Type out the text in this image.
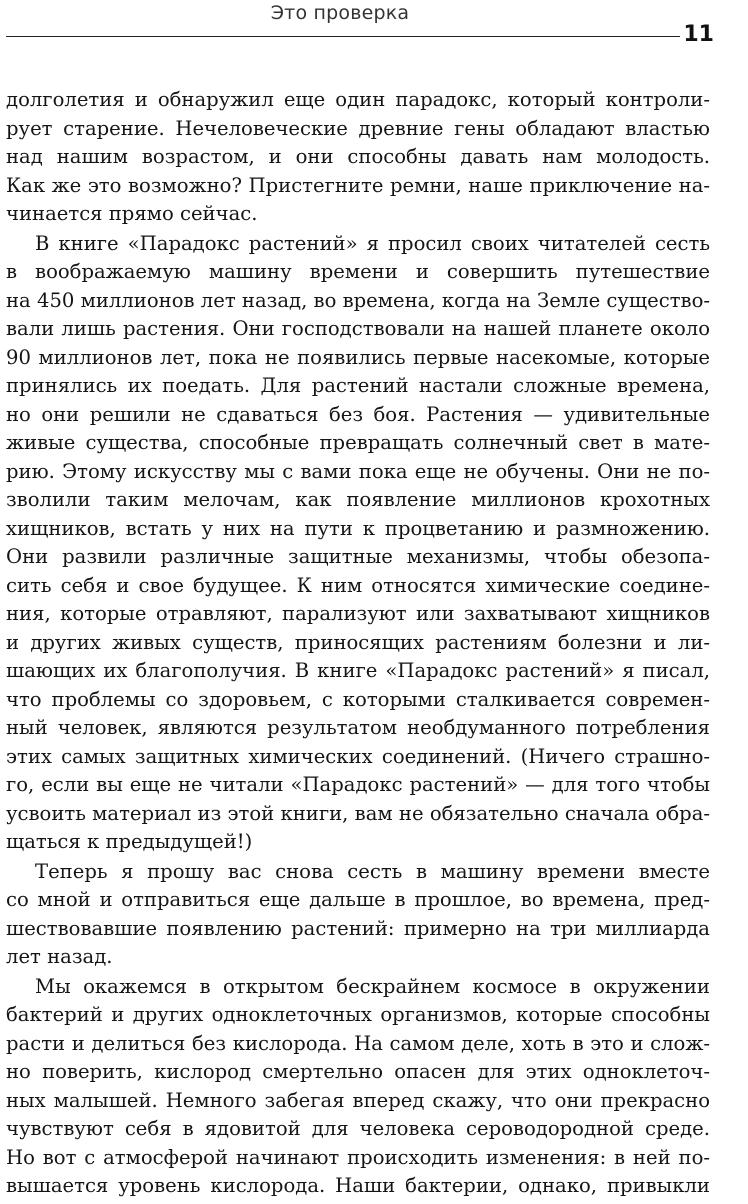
Это проверка
11
долголетия и обнаружил еще один парадокс, который контроли-
рует старение. Нечеловеческие древние гены обладают властью
над нашим возрастом, и они способны давать нам молодость.
Как же это возможно? Пристегните ремни, наше приключение на-
чинается прямо сейчас.
В книге «Парадокс растений» я просил своих читателей сесть
в воображаемую машину времени и совершить путешествие
на 450 миллионов лет назад, во времена, когда на Земле существо-
вали лишь растения. Они господствовали на нашей планете около
90 миллионов лет, пока не появились первые насекомые, которые
принялись их поедать. Для растений настали сложные времена,
но они решили не сдаваться без боя. Растения — удивительные
живые существа, способные превращать солнечный свет в мате-
рию. Этому искусству мы с вами пока еще не обучены. Они не по-
зволили таким мелочам, как появление миллионов крохотных
хищников, встать у них на пути к процветанию и размножению.
Они развили различные защитные механизмы, чтобы обезопа-
сить себя и свое будущее. К ним относятся химические соедине-
ния, которые отравляют, парализуют или захватывают хищников
и других живых существ, приносящих растениям болезни и ли-
шающих их благополучия. В книге «Парадокс растений» я писал,
что проблемы со здоровьем, с которыми сталкивается современ-
ный человек, являются результатом необдуманного потребления
этих самых защитных химических соединений. (Ничего страшно-
го, если вы еще не читали «Парадокс растений» — для того чтобы
усвоить материал из этой книги, вам не обязательно сначала обра-
щаться к предыдущей!)
Теперь я прошу вас снова сесть в машину времени вместе
со мной и отправиться еще дальше в прошлое, во времена, пред-
шествовавшие появлению растений: примерно на три миллиарда
лет назад.
Мы окажемся в открытом бескрайнем космосе в окружении
бактерий и других одноклеточных организмов, которые способны
расти и делиться без кислорода. На самом деле, хоть в это и слож-
но поверить, кислород смертельно опасен для этих одноклеточ-
ных малышей. Немного забегая вперед скажу, что они прекрасно
чувствуют себя в ядовитой для человека сероводородной среде.
Но вот с атмосферой начинают происходить изменения: в ней по-
вышается уровень кислорода. Наши бактерии, однако, привыкли
